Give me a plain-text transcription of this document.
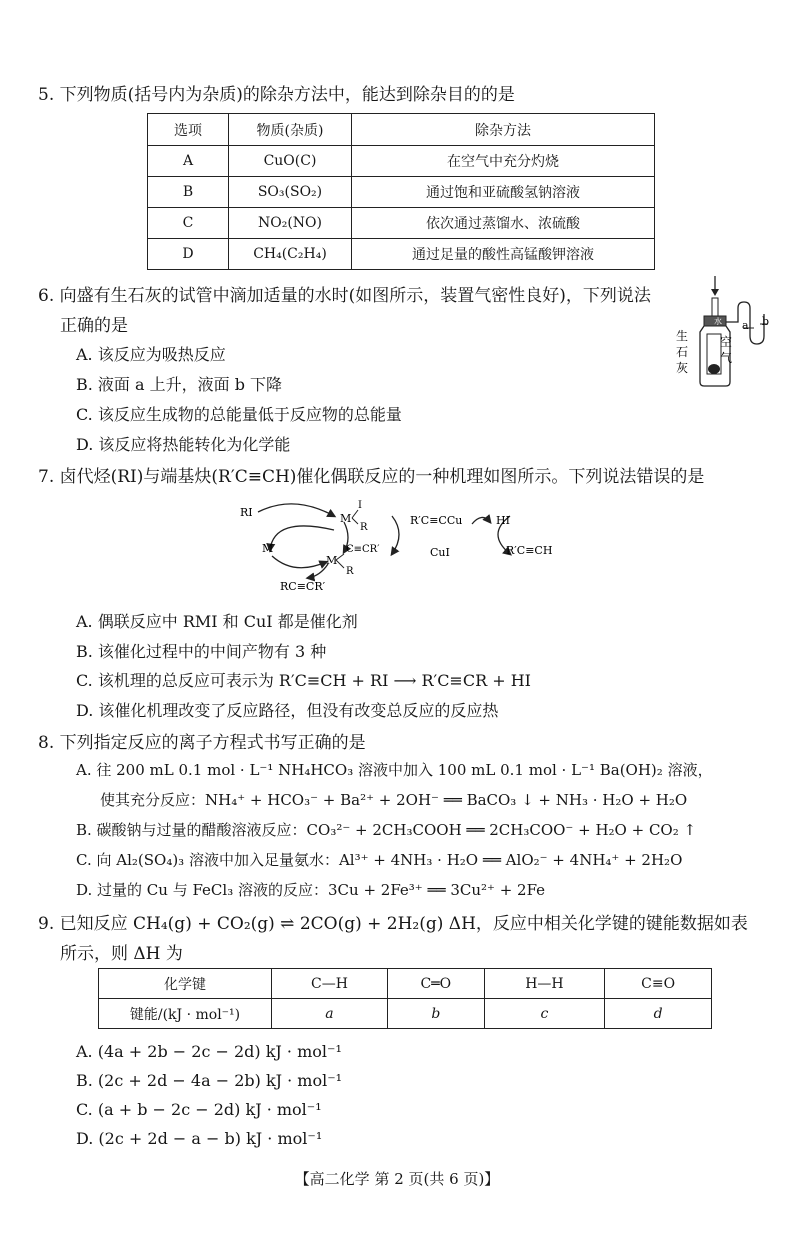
5. 下列物质(括号内为杂质)的除杂方法中，能达到除杂目的的是
选项	物质(杂质)	除杂方法
A	CuO(C)	在空气中充分灼烧
B	SO₃(SO₂)	通过饱和亚硫酸氢钠溶液
C	NO₂(NO)	依次通过蒸馏水、浓硫酸
D	CH₄(C₂H₄)	通过足量的酸性高锰酸钾溶液
6. 向盛有生石灰的试管中滴加适量的水时(如图所示，装置气密性良好)，下列说法
正确的是
A. 该反应为吸热反应
B. 液面 a 上升，液面 b 下降
C. 该反应生成物的总能量低于反应物的总能量
D. 该反应将热能转化为化学能
a b
生
石
灰
空
气
水
7. 卤代烃(RI)与端基炔(R′C≡CH)催化偶联反应的一种机理如图所示。下列说法错误的是
RI
M
M
I
R
M
C≡CR′
R
RC≡CR′
R′C≡CCu
CuI
HI
R′C≡CH
A. 偶联反应中 RMI 和 CuI 都是催化剂
B. 该催化过程中的中间产物有 3 种
C. 该机理的总反应可表示为 R′C≡CH + RI ⟶ R′C≡CR + HI
D. 该催化机理改变了反应路径，但没有改变总反应的反应热
8. 下列指定反应的离子方程式书写正确的是
A. 往 200 mL 0.1 mol · L⁻¹ NH₄HCO₃ 溶液中加入 100 mL 0.1 mol · L⁻¹ Ba(OH)₂ 溶液，
使其充分反应：NH₄⁺ + HCO₃⁻ + Ba²⁺ + 2OH⁻ ══ BaCO₃ ↓ + NH₃ · H₂O + H₂O
B. 碳酸钠与过量的醋酸溶液反应：CO₃²⁻ + 2CH₃COOH ══ 2CH₃COO⁻ + H₂O + CO₂ ↑
C. 向 Al₂(SO₄)₃ 溶液中加入足量氨水：Al³⁺ + 4NH₃ · H₂O ══ AlO₂⁻ + 4NH₄⁺ + 2H₂O
D. 过量的 Cu 与 FeCl₃ 溶液的反应：3Cu + 2Fe³⁺ ══ 3Cu²⁺ + 2Fe
9. 已知反应 CH₄(g) + CO₂(g) ⇌ 2CO(g) + 2H₂(g) ΔH，反应中相关化学键的键能数据如表
所示，则 ΔH 为
化学键	C—H	C═O	H—H	C≡O
键能/(kJ · mol⁻¹)	a	b	c	d
A. (4a + 2b − 2c − 2d) kJ · mol⁻¹
B. (2c + 2d − 4a − 2b) kJ · mol⁻¹
C. (a + b − 2c − 2d) kJ · mol⁻¹
D. (2c + 2d − a − b) kJ · mol⁻¹
【高二化学 第 2 页(共 6 页)】
